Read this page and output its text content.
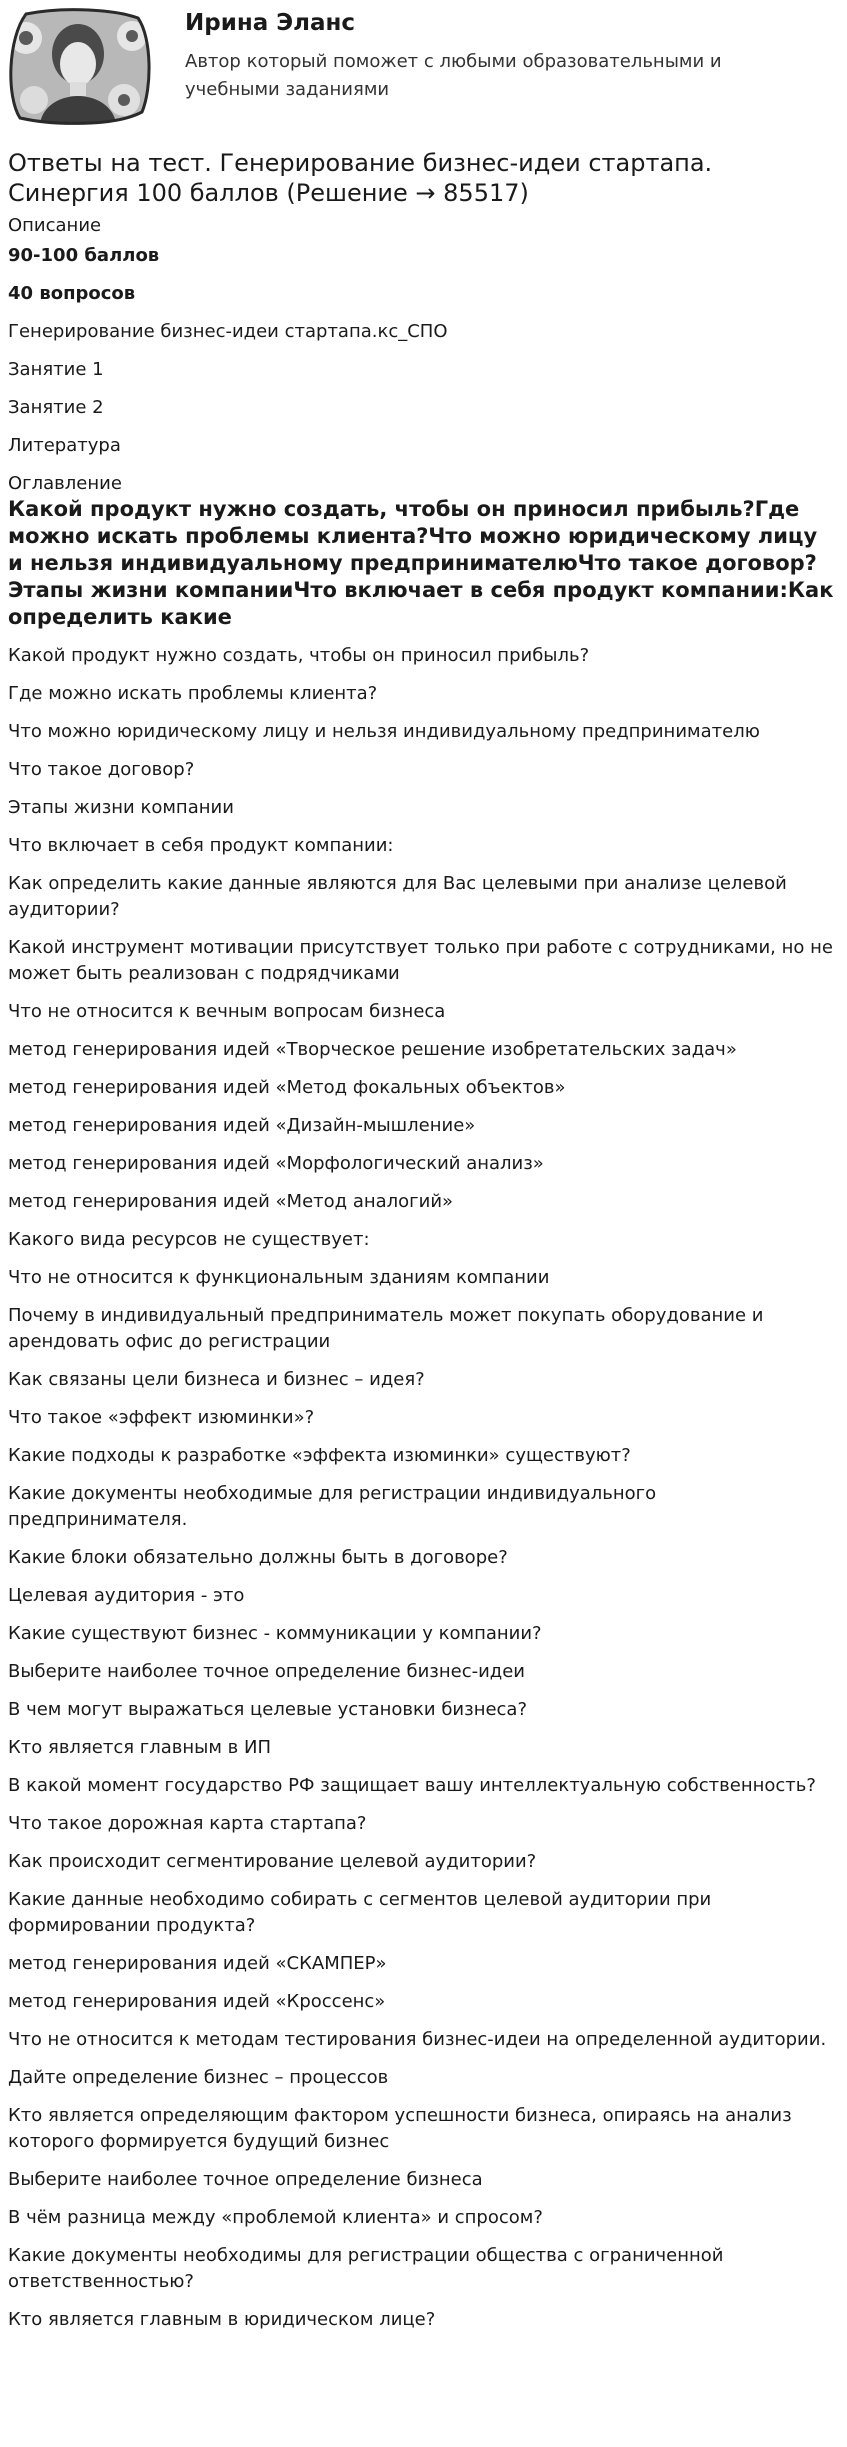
Ирина Эланс
Автор который поможет с любыми образовательными и учебными заданиями
Ответы на тест. Генерирование бизнес-идеи стартапа. Синергия 100 баллов (Решение → 85517)

Описание

90-100 баллов

40 вопросов

Генерирование бизнес-идеи стартапа.кс_СПО

Занятие 1

Занятие 2

Литература

Оглавление

Какой продукт нужно создать, чтобы он приносил прибыль?Где можно искать проблемы клиента?Что можно юридическому лицу и нельзя индивидуальному предпринимателюЧто такое договор?Этапы жизни компанииЧто включает в себя продукт компании:Как определить какие

Какой продукт нужно создать, чтобы он приносил прибыль?
Где можно искать проблемы клиента?
Что можно юридическому лицу и нельзя индивидуальному предпринимателю
Что такое договор?
Этапы жизни компании
Что включает в себя продукт компании:
Как определить какие данные являются для Вас целевыми при анализе целевой аудитории?
Какой инструмент мотивации присутствует только при работе с сотрудниками, но не может быть реализован с подрядчиками
Что не относится к вечным вопросам бизнеса
метод генерирования идей «Творческое решение изобретательских задач»
метод генерирования идей «Метод фокальных объектов»
метод генерирования идей «Дизайн-мышление»
метод генерирования идей «Морфологический анализ»
метод генерирования идей «Метод аналогий»
Какого вида ресурсов не существует:
Что не относится к функциональным зданиям компании
Почему в индивидуальный предприниматель может покупать оборудование и арендовать офис до регистрации
Как связаны цели бизнеса и бизнес – идея?
Что такое «эффект изюминки»?
Какие подходы к разработке «эффекта изюминки» существуют?
Какие документы необходимые для регистрации индивидуального предпринимателя.
Какие блоки обязательно должны быть в договоре?
Целевая аудитория - это
Какие существуют бизнес - коммуникации у компании?
Выберите наиболее точное определение бизнес-идеи
В чем могут выражаться целевые установки бизнеса?
Кто является главным в ИП
В какой момент государство РФ защищает вашу интеллектуальную собственность?
Что такое дорожная карта стартапа?
Как происходит сегментирование целевой аудитории?
Какие данные необходимо собирать с сегментов целевой аудитории при формировании продукта?
метод генерирования идей «СКАМПЕР»
метод генерирования идей «Кроссенс»
Что не относится к методам тестирования бизнес-идеи на определенной аудитории.
Дайте определение бизнес – процессов
Кто является определяющим фактором успешности бизнеса, опираясь на анализ которого формируется будущий бизнес
Выберите наиболее точное определение бизнеса
В чём разница между «проблемой клиента» и спросом?
Какие документы необходимы для регистрации общества с ограниченной ответственностью?
Кто является главным в юридическом лице?
